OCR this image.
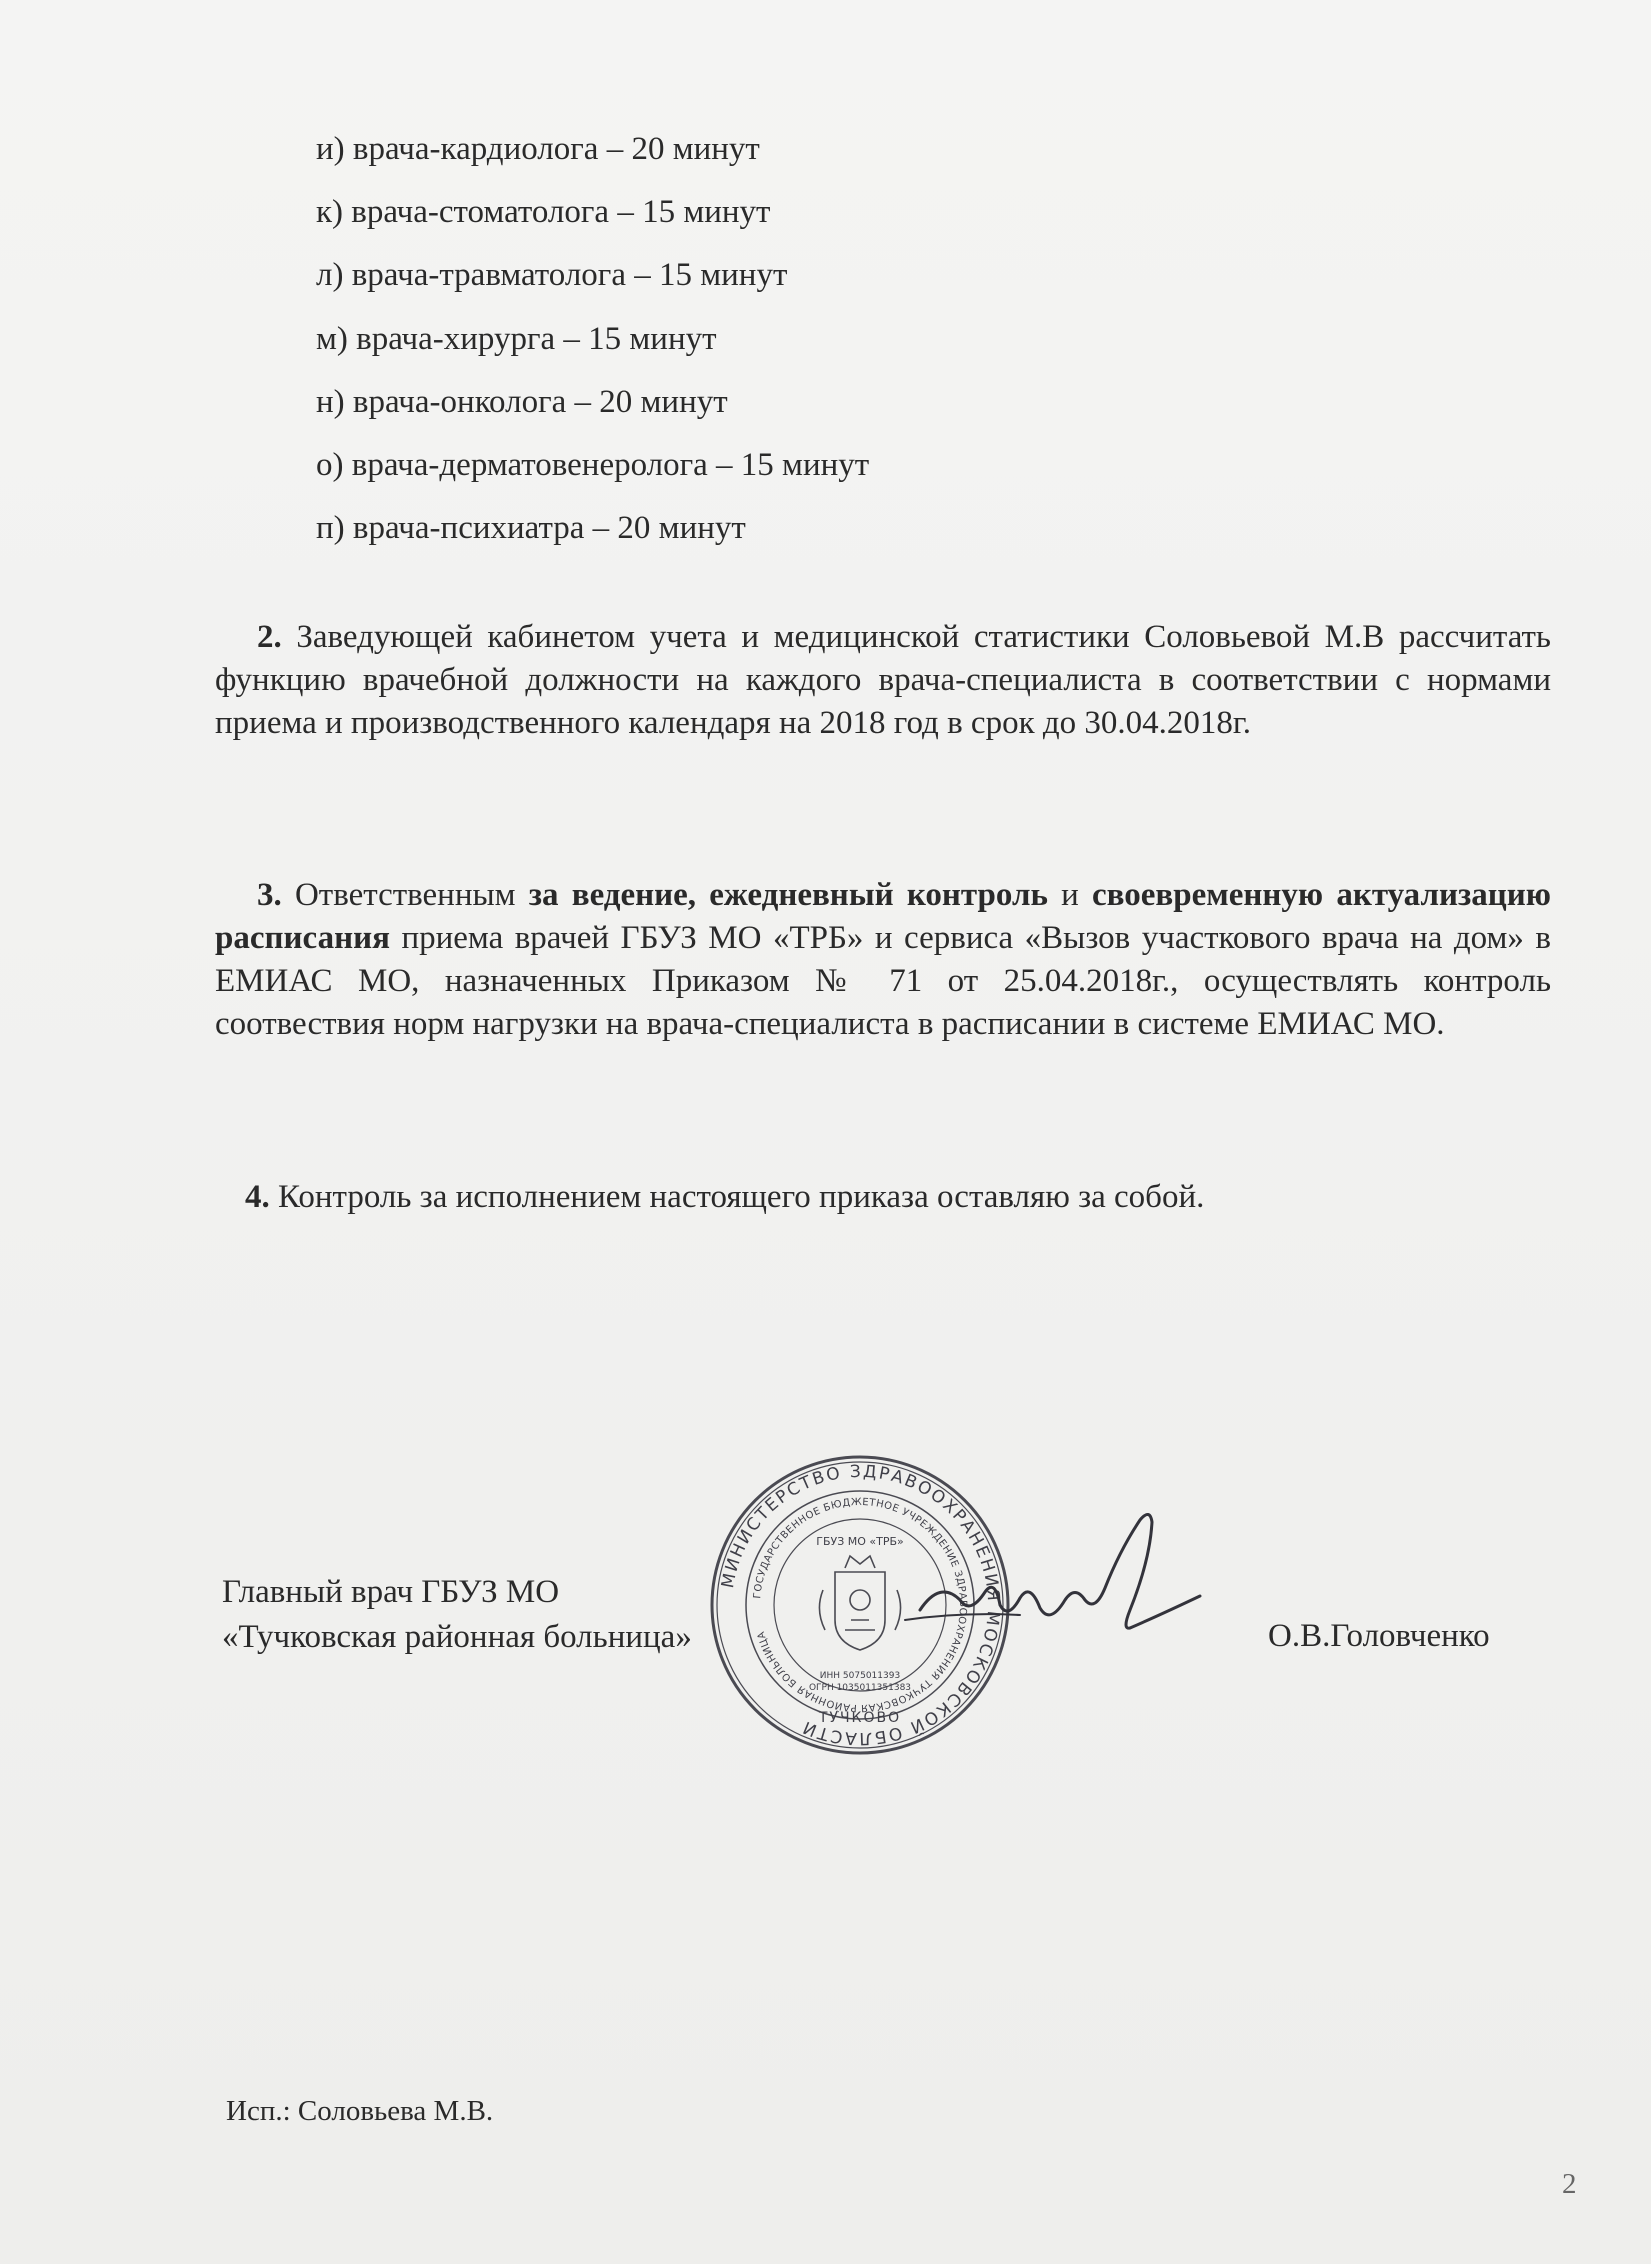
и) врача-кардиолога – 20 минут
к) врача-стоматолога – 15 минут
л) врача-травматолога – 15 минут
м) врача-хирурга – 15 минут
н) врача-онколога – 20 минут
о) врача-дерматовенеролога – 15 минут
п) врача-психиатра – 20 минут

2. Заведующей кабинетом учета и медицинской статистики Соловьевой М.В рассчитать функцию врачебной должности на каждого врача-специалиста в соответствии с нормами приема и производственного календаря на 2018 год в срок до 30.04.2018г.

3. Ответственным за ведение, ежедневный контроль и своевременную актуализацию расписания приема врачей ГБУЗ МО «ТРБ» и сервиса «Вызов участкового врача на дом» в ЕМИАС МО, назначенных Приказом № 71 от 25.04.2018г., осуществлять контроль соотвествия норм нагрузки на врача-специалиста в расписании в системе ЕМИАС МО.

4. Контроль за исполнением настоящего приказа оставляю за собой.

МИНИСТЕРСТВО ЗДРАВООХРАНЕНИЯ МОСКОВСКОЙ ОБЛАСТИ
ГОСУДАРСТВЕННОЕ БЮДЖЕТНОЕ УЧРЕЖДЕНИЕ ЗДРАВООХРАНЕНИЯ ТУЧКОВСКАЯ РАЙОННАЯ БОЛЬНИЦА
ИНН 5075011393
ОГРН 1035011351383
ГБУЗ МО «ТРБ»
ТУЧКОВО
Главный врач ГБУЗ МО
«Тучковская районная больница»	О.В.Головченко
Исп.: Соловьева М.В.
2
